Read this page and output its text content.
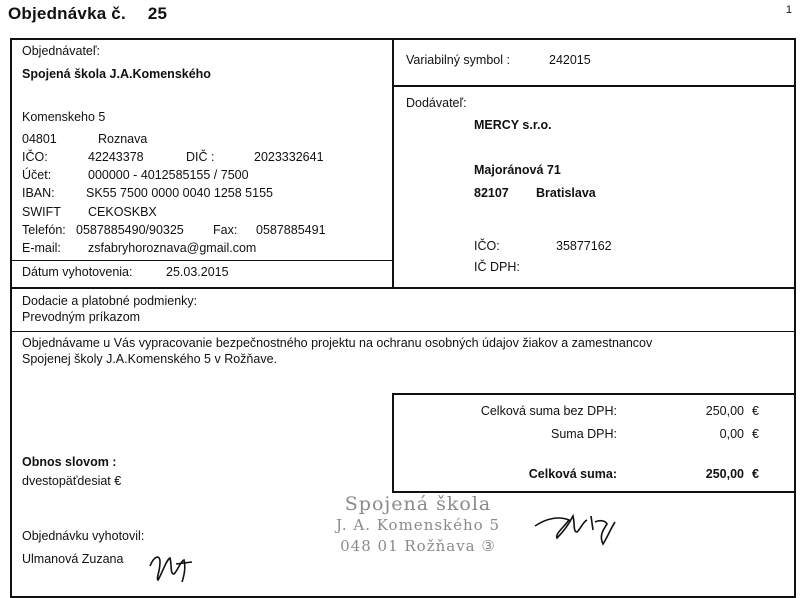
Objednávka č. 25	1
Objednávateľ:
Spojená škola J.A.Komenského
Komenskeho 5
04801	Roznava
IČO:	42243378	DIČ :	2023332641
Účet:	000000 - 4012585155 / 7500
IBAN:	SK55 7500 0000 0040 1258 5155
SWIFT CEKOSKBX
Telefón: 0587885490/90325 Fax: 0587885491
E-mail: zsfabryhoroznava@gmail.com
Dátum vyhotovenia:	25.03.2015
Variabilný symbol :	242015
Dodávateľ:
MERCY s.r.o.
Majoránová 71
82107 Bratislava
IČO:	35877162
IČ DPH:
Dodacie a platobné podmienky:
Prevodným príkazom
Objednávame u Vás vypracovanie bezpečnostného projektu na ochranu osobných údajov žiakov a zamestnancov
Spojenej školy J.A.Komenského 5 v Rožňave.
Celková suma bez DPH:	250,00 €
Suma DPH:	0,00 €
Celková suma:	250,00 €
Obnos slovom :
dvestopäťdesiat €
Objednávku vyhotovil:
Ulmanová Zuzana
Spojená škola
J. A. Komenského 5
048 01 Rožňava ③
